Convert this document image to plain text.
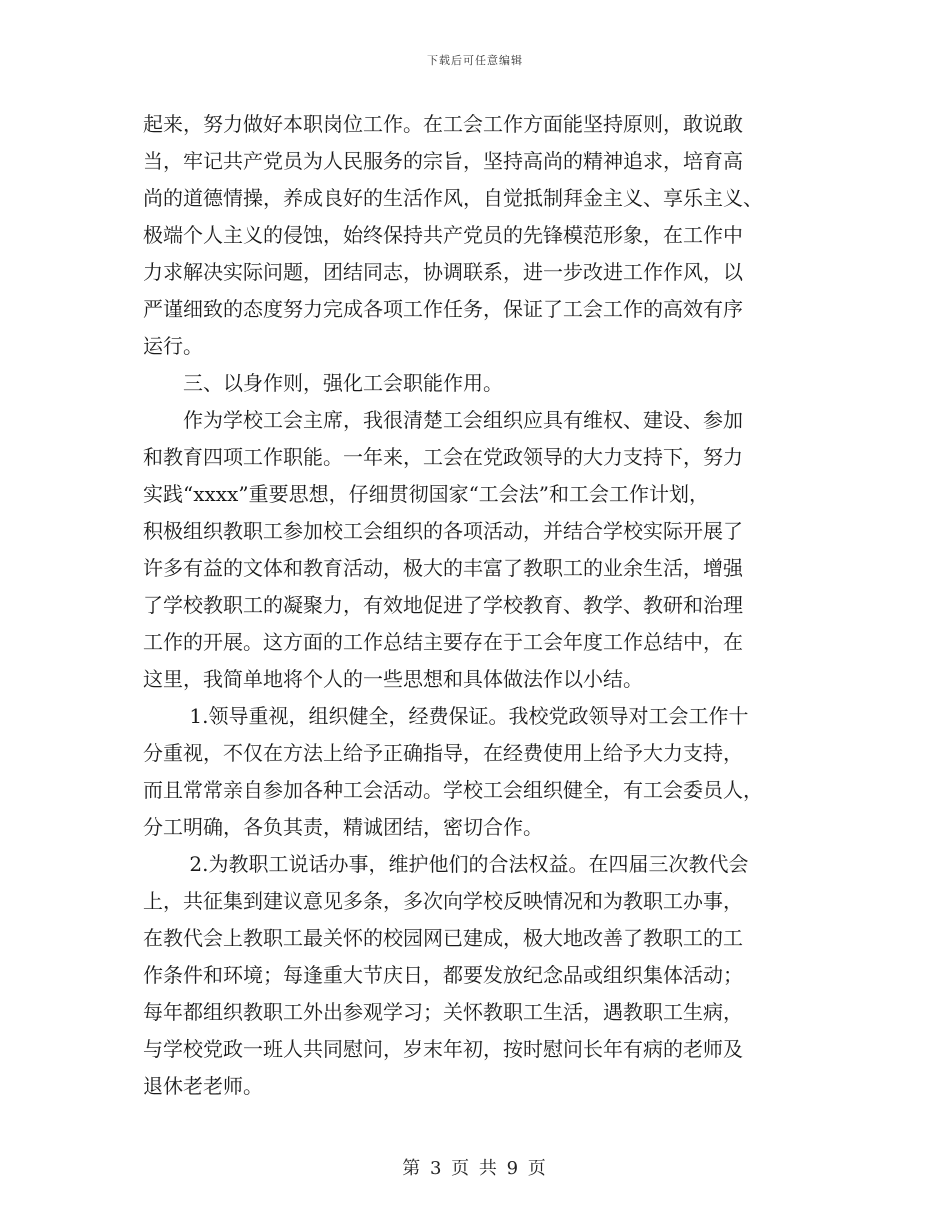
下载后可任意编辑

起来，努力做好本职岗位工作。在工会工作方面能坚持原则，敢说敢
当，牢记共产党员为人民服务的宗旨，坚持高尚的精神追求，培育高
尚的道德情操，养成良好的生活作风，自觉抵制拜金主义、享乐主义、
极端个人主义的侵蚀，始终保持共产党员的先锋模范形象，在工作中
力求解决实际问题，团结同志，协调联系，进一步改进工作作风，以
严谨细致的态度努力完成各项工作任务，保证了工会工作的高效有序
运行。
　　三、以身作则，强化工会职能作用。
　　作为学校工会主席，我很清楚工会组织应具有维权、建设、参加
和教育四项工作职能。一年来，工会在党政领导的大力支持下，努力
实践“xxxx”重要思想，仔细贯彻国家“工会法”和工会工作计划，
积极组织教职工参加校工会组织的各项活动，并结合学校实际开展了
许多有益的文体和教育活动，极大的丰富了教职工的业余生活，增强
了学校教职工的凝聚力，有效地促进了学校教育、教学、教研和治理
工作的开展。这方面的工作总结主要存在于工会年度工作总结中，在
这里，我简单地将个人的一些思想和具体做法作以小结。
　　 1.领导重视，组织健全，经费保证。我校党政领导对工会工作十
分重视，不仅在方法上给予正确指导，在经费使用上给予大力支持，
而且常常亲自参加各种工会活动。学校工会组织健全，有工会委员人，
分工明确，各负其责，精诚团结，密切合作。
　　 2.为教职工说话办事，维护他们的合法权益。在四届三次教代会
上，共征集到建议意见多条，多次向学校反映情况和为教职工办事，
在教代会上教职工最关怀的校园网已建成，极大地改善了教职工的工
作条件和环境；每逢重大节庆日，都要发放纪念品或组织集体活动；
每年都组织教职工外出参观学习；关怀教职工生活，遇教职工生病，
与学校党政一班人共同慰问，岁末年初，按时慰问长年有病的老师及
退休老老师。

第 3 页 共 9 页
